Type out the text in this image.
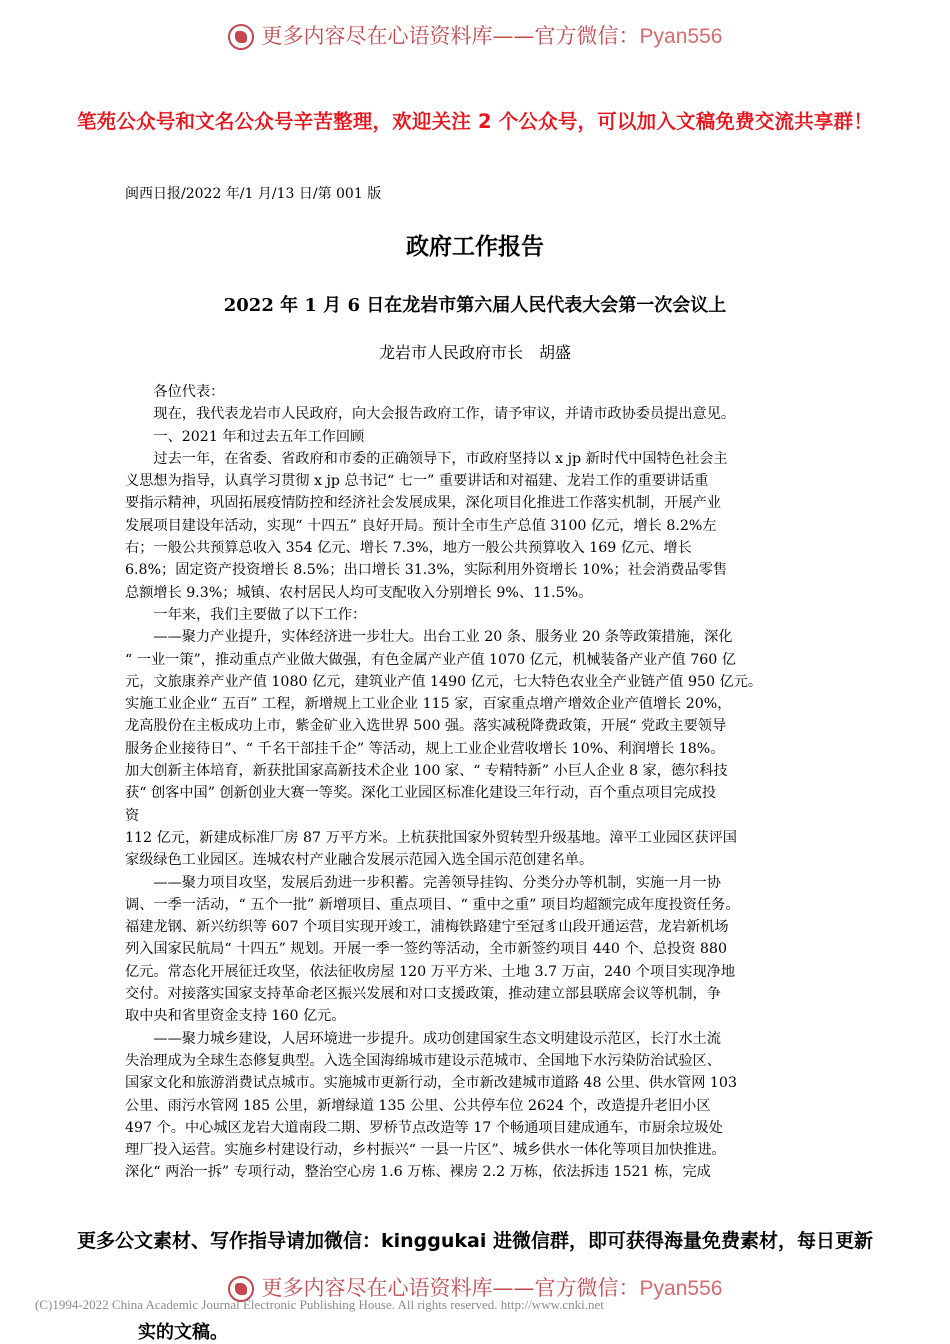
更多内容尽在心语资料库——官方微信：Pyan556
笔苑公众号和文名公众号辛苦整理，欢迎关注 2 个公众号，可以加入文稿免费交流共享群！
闽西日报/2022 年/1 月/13 日/第 001 版
政府工作报告
2022 年 1 月 6 日在龙岩市第六届人民代表大会第一次会议上
龙岩市人民政府市长　胡盛
　　各位代表：
　　现在，我代表龙岩市人民政府，向大会报告政府工作，请予审议，并请市政协委员提出意见。
　　一、2021 年和过去五年工作回顾
　　过去一年，在省委、省政府和市委的正确领导下，市政府坚持以 x jp 新时代中国特色社会主
义思想为指导，认真学习贯彻 x jp 总书记“ 七一” 重要讲话和对福建、龙岩工作的重要讲话重
要指示精神，巩固拓展疫情防控和经济社会发展成果，深化项目化推进工作落实机制，开展产业
发展项目建设年活动，实现“ 十四五” 良好开局。预计全市生产总值 3100 亿元，增长 8.2%左
右；一般公共预算总收入 354 亿元、增长 7.3%，地方一般公共预算收入 169 亿元、增长
6.8%；固定资产投资增长 8.5%；出口增长 31.3%，实际利用外资增长 10%；社会消费品零售
总额增长 9.3%；城镇、农村居民人均可支配收入分别增长 9%、11.5%。
　　一年来，我们主要做了以下工作：
　　——聚力产业提升，实体经济进一步壮大。出台工业 20 条、服务业 20 条等政策措施，深化
“ 一业一策”，推动重点产业做大做强，有色金属产业产值 1070 亿元，机械装备产业产值 760 亿
元，文旅康养产业产值 1080 亿元，建筑业产值 1490 亿元，七大特色农业全产业链产值 950 亿元。
实施工业企业“ 五百” 工程，新增规上工业企业 115 家，百家重点增产增效企业产值增长 20%，
龙高股份在主板成功上市，紫金矿业入选世界 500 强。落实减税降费政策，开展“ 党政主要领导
服务企业接待日”、“ 千名干部挂千企” 等活动，规上工业企业营收增长 10%、利润增长 18%。
加大创新主体培育，新获批国家高新技术企业 100 家、“ 专精特新” 小巨人企业 8 家，德尔科技
获“ 创客中国” 创新创业大赛一等奖。深化工业园区标准化建设三年行动，百个重点项目完成投
资
112 亿元，新建成标准厂房 87 万平方米。上杭获批国家外贸转型升级基地。漳平工业园区获评国
家级绿色工业园区。连城农村产业融合发展示范园入选全国示范创建名单。
　　——聚力项目攻坚，发展后劲进一步积蓄。完善领导挂钩、分类分办等机制，实施一月一协
调、一季一活动，“ 五个一批” 新增项目、重点项目、“ 重中之重” 项目均超额完成年度投资任务。
福建龙钢、新兴纺织等 607 个项目实现开竣工，浦梅铁路建宁至冠豸山段开通运营，龙岩新机场
列入国家民航局“ 十四五” 规划。开展一季一签约等活动，全市新签约项目 440 个、总投资 880
亿元。常态化开展征迁攻坚，依法征收房屋 120 万平方米、土地 3.7 万亩，240 个项目实现净地
交付。对接落实国家支持革命老区振兴发展和对口支援政策，推动建立部县联席会议等机制，争
取中央和省里资金支持 160 亿元。
　　——聚力城乡建设，人居环境进一步提升。成功创建国家生态文明建设示范区，长汀水土流
失治理成为全球生态修复典型。入选全国海绵城市建设示范城市、全国地下水污染防治试验区、
国家文化和旅游消费试点城市。实施城市更新行动，全市新改建城市道路 48 公里、供水管网 103
公里、雨污水管网 185 公里，新增绿道 135 公里、公共停车位 2624 个，改造提升老旧小区
497 个。中心城区龙岩大道南段二期、罗桥节点改造等 17 个畅通项目建成通车，市厨余垃圾处
理厂投入运营。实施乡村建设行动，乡村振兴“ 一县一片区”、城乡供水一体化等项目加快推进。
深化“ 两治一拆” 专项行动，整治空心房 1.6 万栋、裸房 2.2 万栋，依法拆违 1521 栋，完成
更多公文素材、写作指导请加微信：kinggukai 进微信群，即可获得海量免费素材，每日更新
更多内容尽在心语资料库——官方微信：Pyan556
(C)1994-2022 China Academic Journal Electronic Publishing House. All rights reserved. http://www.cnki.net
实的文稿。
